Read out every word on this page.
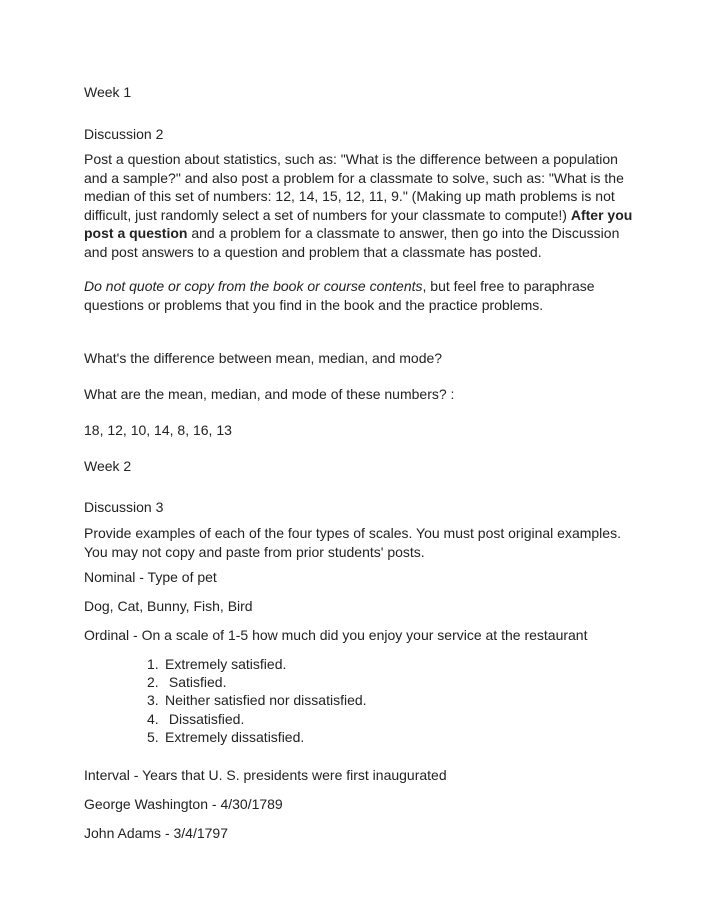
Week 1
Discussion 2
Post a question about statistics, such as: "What is the difference between a population and a sample?" and also post a problem for a classmate to solve, such as: "What is the median of this set of numbers: 12, 14, 15, 12, 11, 9." (Making up math problems is not difficult, just randomly select a set of numbers for your classmate to compute!) After you post a question and a problem for a classmate to answer, then go into the Discussion and post answers to a question and problem that a classmate has posted.
Do not quote or copy from the book or course contents, but feel free to paraphrase questions or problems that you find in the book and the practice problems.
What's the difference between mean, median, and mode?
What are the mean, median, and mode of these numbers? :
18, 12, 10, 14, 8, 16, 13
Week 2
Discussion 3
Provide examples of each of the four types of scales. You must post original examples. You may not copy and paste from prior students' posts.
Nominal - Type of pet
Dog, Cat, Bunny, Fish, Bird
Ordinal - On a scale of 1-5 how much did you enjoy your service at the restaurant
1. Extremely satisfied.
2. Satisfied.
3. Neither satisfied nor dissatisfied.
4. Dissatisfied.
5. Extremely dissatisfied.
Interval - Years that U. S. presidents were first inaugurated
George Washington - 4/30/1789
John Adams - 3/4/1797
